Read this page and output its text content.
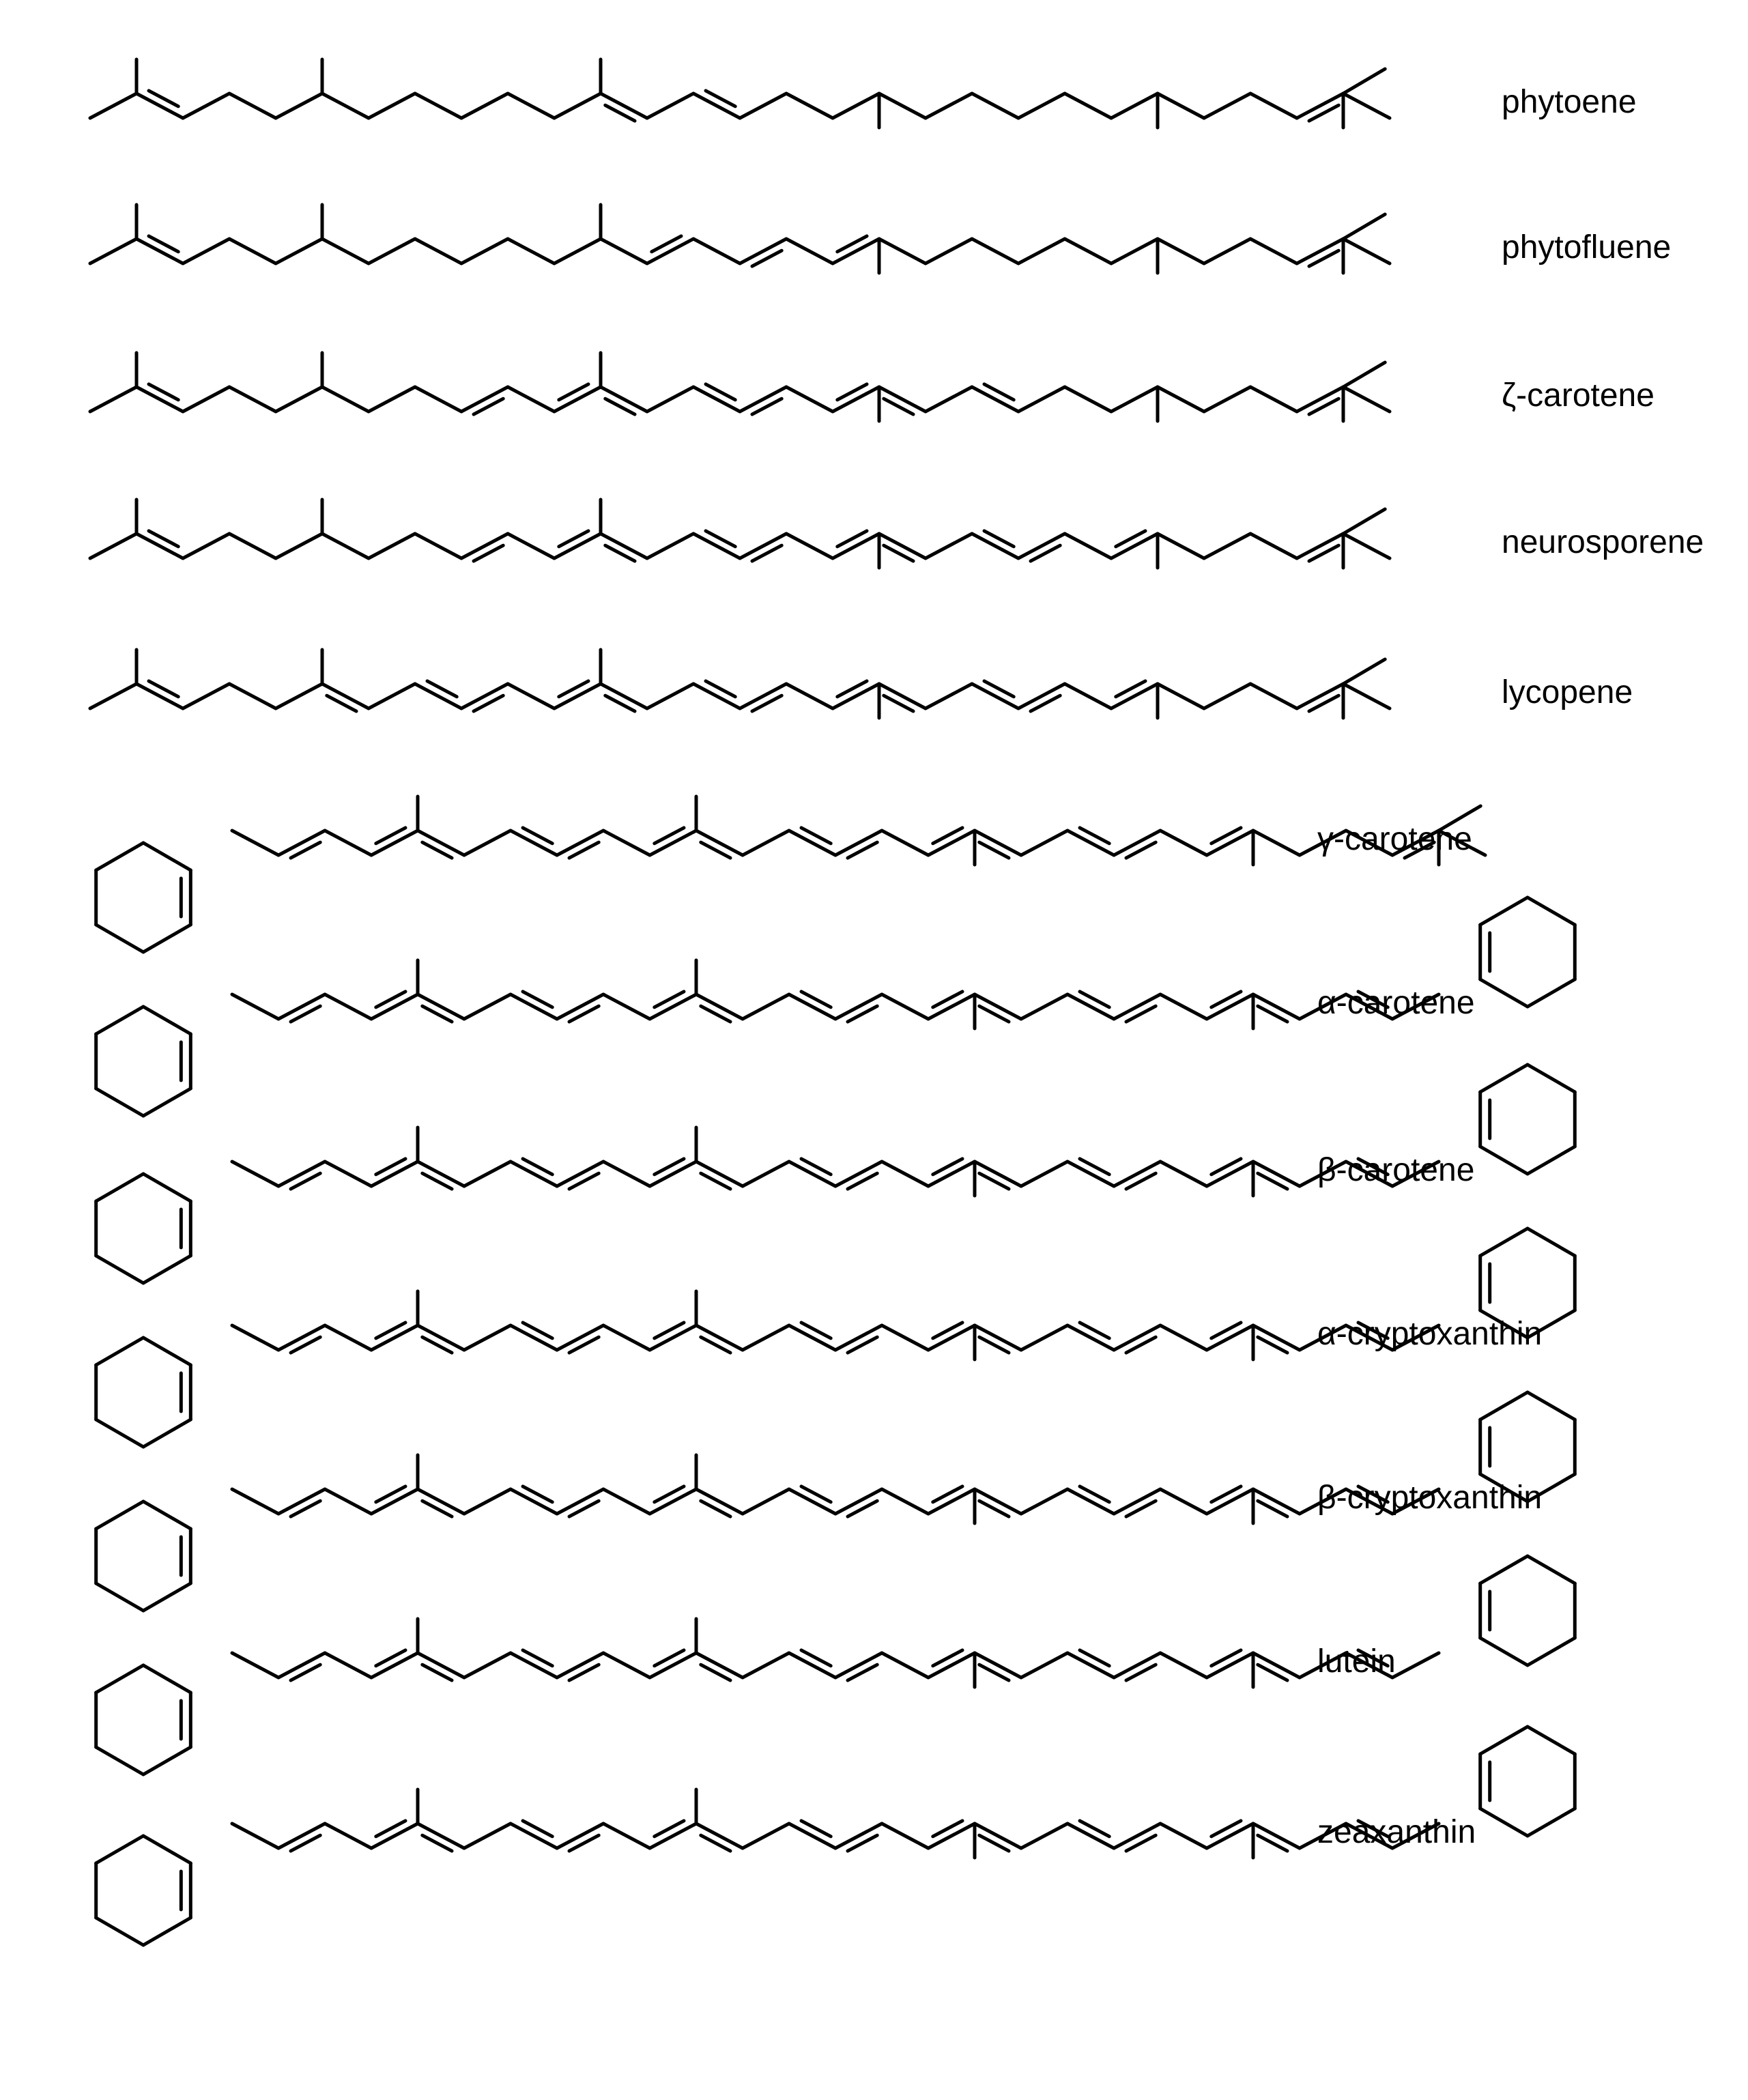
phytoene
phytofluene
ζ-carotene
neurosporene
lycopene
γ-carotene
α-carotene
β-carotene
α-cryptoxanthin
β-cryptoxanthin
lutein
zeaxanthin
